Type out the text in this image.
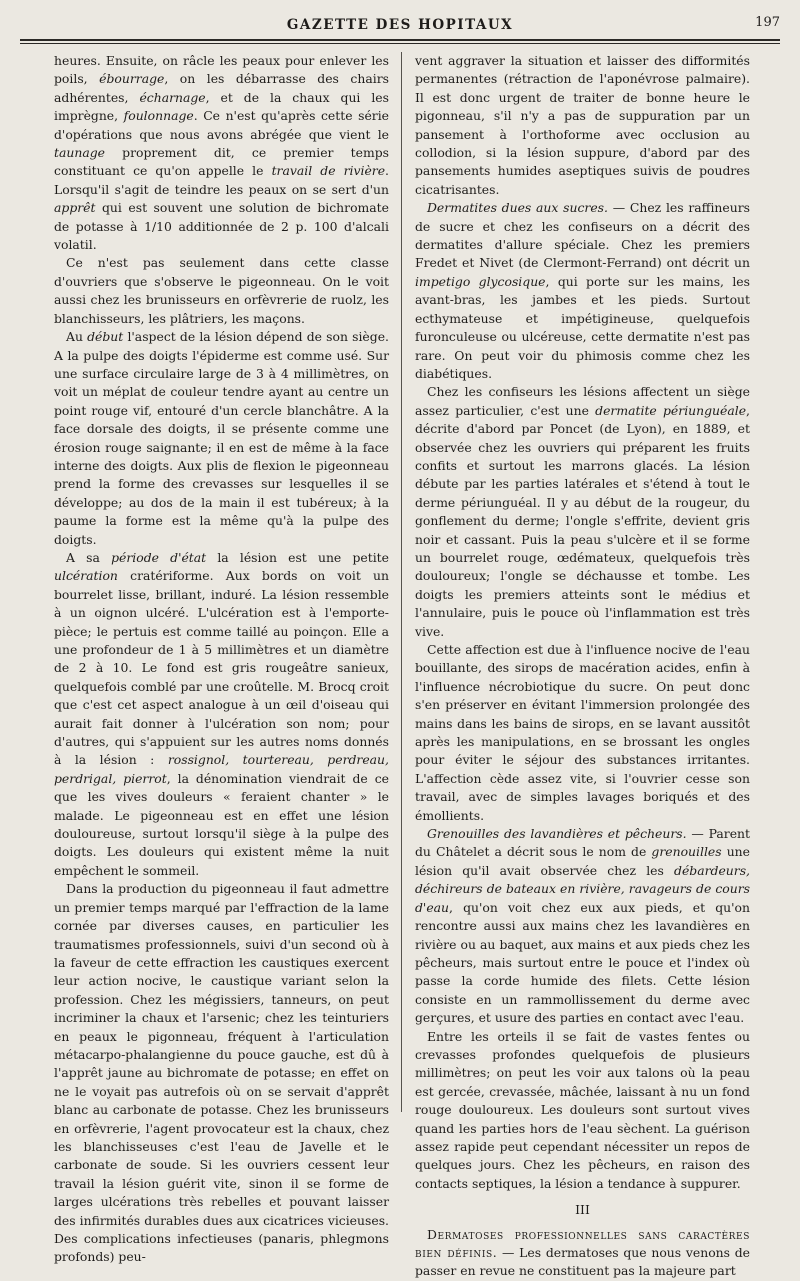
GAZETTE DES HOPITAUX	197

heures. Ensuite, on râcle les peaux pour enlever les poils, ébourrage, on les débarrasse des chairs adhérentes, écharnage, et de la chaux qui les imprègne, foulonnage. Ce n'est qu'après cette série d'opérations que nous avons abrégée que vient le taunage proprement dit, ce premier temps constituant ce qu'on appelle le travail de rivière. Lorsqu'il s'agit de teindre les peaux on se sert d'un apprêt qui est souvent une solution de bichromate de potasse à 1/10 additionnée de 2 p. 100 d'alcali volatil.

Ce n'est pas seulement dans cette classe d'ouvriers que s'observe le pigeonneau. On le voit aussi chez les brunisseurs en orfèvrerie de ruolz, les blanchisseurs, les plâtriers, les maçons.

Au début l'aspect de la lésion dépend de son siège. A la pulpe des doigts l'épiderme est comme usé. Sur une surface circulaire large de 3 à 4 millimètres, on voit un méplat de couleur tendre ayant au centre un point rouge vif, entouré d'un cercle blanchâtre. A la face dorsale des doigts, il se présente comme une érosion rouge saignante; il en est de même à la face interne des doigts. Aux plis de flexion le pigeonneau prend la forme des crevasses sur lesquelles il se développe; au dos de la main il est tubéreux; à la paume la forme est la même qu'à la pulpe des doigts.

A sa période d'état la lésion est une petite ulcération cratériforme. Aux bords on voit un bourrelet lisse, brillant, induré. La lésion ressemble à un oignon ulcéré. L'ulcération est à l'emporte-pièce; le pertuis est comme taillé au poinçon. Elle a une profondeur de 1 à 5 millimètres et un diamètre de 2 à 10. Le fond est gris rougeâtre sanieux, quelquefois comblé par une croûtelle. M. Brocq croit que c'est cet aspect analogue à un œil d'oiseau qui aurait fait donner à l'ulcération son nom; pour d'autres, qui s'appuient sur les autres noms donnés à la lésion : rossignol, tourtereau, perdreau, perdrigal, pierrot, la dénomination viendrait de ce que les vives douleurs « feraient chanter » le malade. Le pigeonneau est en effet une lésion douloureuse, surtout lorsqu'il siège à la pulpe des doigts. Les douleurs qui existent même la nuit empêchent le sommeil.

Dans la production du pigeonneau il faut admettre un premier temps marqué par l'effraction de la lame cornée par diverses causes, en particulier les traumatismes professionnels, suivi d'un second où à la faveur de cette effraction les caustiques exercent leur action nocive, le caustique variant selon la profession. Chez les mégissiers, tanneurs, on peut incriminer la chaux et l'arsenic; chez les teinturiers en peaux le pigonneau, fréquent à l'articulation métacarpo-phalangienne du pouce gauche, est dû à l'apprêt jaune au bichromate de potasse; en effet on ne le voyait pas autrefois où on se servait d'apprêt blanc au carbonate de potasse. Chez les brunisseurs en orfèvrerie, l'agent provocateur est la chaux, chez les blanchisseuses c'est l'eau de Javelle et le carbonate de soude. Si les ouvriers cessent leur travail la lésion guérit vite, sinon il se forme de larges ulcérations très rebelles et pouvant laisser des infirmités durables dues aux cicatrices vicieuses. Des complications infectieuses (panaris, phlegmons profonds) peu-

vent aggraver la situation et laisser des difformités permanentes (rétraction de l'aponévrose palmaire). Il est donc urgent de traiter de bonne heure le pigonneau, s'il n'y a pas de suppuration par un pansement à l'orthoforme avec occlusion au collodion, si la lésion suppure, d'abord par des pansements humides aseptiques suivis de poudres cicatrisantes.

Dermatites dues aux sucres. — Chez les raffineurs de sucre et chez les confiseurs on a décrit des dermatites d'allure spéciale. Chez les premiers Fredet et Nivet (de Clermont-Ferrand) ont décrit un impetigo glycosique, qui porte sur les mains, les avant-bras, les jambes et les pieds. Surtout ecthymateuse et impétigineuse, quelquefois furonculeuse ou ulcéreuse, cette dermatite n'est pas rare. On peut voir du phimosis comme chez les diabétiques.

Chez les confiseurs les lésions affectent un siège assez particulier, c'est une dermatite périunguéale, décrite d'abord par Poncet (de Lyon), en 1889, et observée chez les ouvriers qui préparent les fruits confits et surtout les marrons glacés. La lésion débute par les parties latérales et s'étend à tout le derme périunguéal. Il y au début de la rougeur, du gonflement du derme; l'ongle s'effrite, devient gris noir et cassant. Puis la peau s'ulcère et il se forme un bourrelet rouge, œdémateux, quelquefois très douloureux; l'ongle se déchausse et tombe. Les doigts les premiers atteints sont le médius et l'annulaire, puis le pouce où l'inflammation est très vive.

Cette affection est due à l'influence nocive de l'eau bouillante, des sirops de macération acides, enfin à l'influence nécrobiotique du sucre. On peut donc s'en préserver en évitant l'immersion prolongée des mains dans les bains de sirops, en se lavant aussitôt après les manipulations, en se brossant les ongles pour éviter le séjour des substances irritantes. L'affection cède assez vite, si l'ouvrier cesse son travail, avec de simples lavages boriqués et des émollients.

Grenouilles des lavandières et pêcheurs. — Parent du Châtelet a décrit sous le nom de grenouilles une lésion qu'il avait observée chez les débardeurs, déchireurs de bateaux en rivière, ravageurs de cours d'eau, qu'on voit chez eux aux pieds, et qu'on rencontre aussi aux mains chez les lavandières en rivière ou au baquet, aux mains et aux pieds chez les pêcheurs, mais surtout entre le pouce et l'index où passe la corde humide des filets. Cette lésion consiste en un rammollissement du derme avec gerçures, et usure des parties en contact avec l'eau.

Entre les orteils il se fait de vastes fentes ou crevasses profondes quelquefois de plusieurs millimètres; on peut les voir aux talons où la peau est gercée, crevassée, mâchée, laissant à nu un fond rouge douloureux. Les douleurs sont surtout vives quand les parties hors de l'eau sèchent. La guérison assez rapide peut cependant nécessiter un repos de quelques jours. Chez les pêcheurs, en raison des contacts septiques, la lésion a tendance à suppurer.

III

Dermatoses professionnelles sans caractères bien définis. — Les dermatoses que nous venons de passer en revue ne constituent pas la majeure part
